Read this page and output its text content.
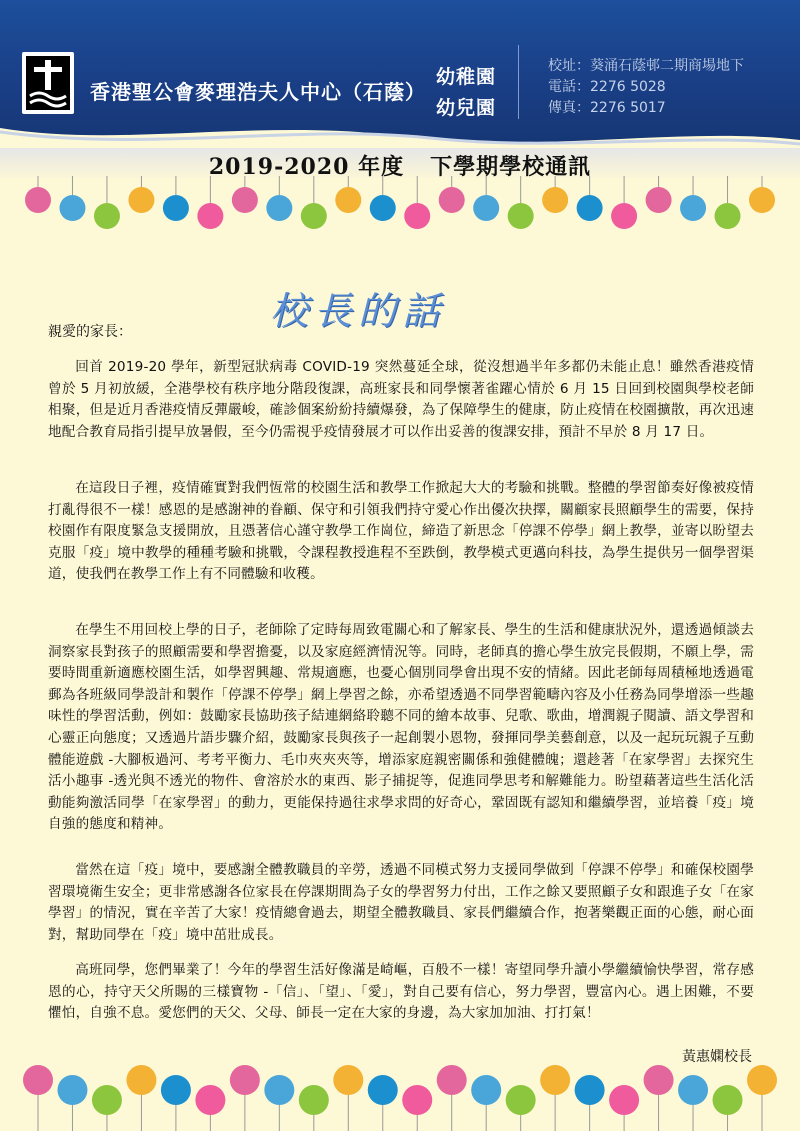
香港聖公會麥理浩夫人中心（石蔭）
幼稚園
幼兒園
校址：葵涌石蔭邨二期商場地下
電話：2276 5028
傳真：2276 5017
2019-2020 年度   下學期學校通訊
校長的話
親愛的家長：
回首 2019-20 學年，新型冠狀病毒 COVID-19 突然蔓延全球，從沒想過半年多都仍未能止息！雖然香港疫情曾於 5 月初放緩，全港學校有秩序地分階段復課，高班家長和同學懷著雀躍心情於 6 月 15 日回到校園與學校老師相聚，但是近月香港疫情反彈嚴峻，確診個案紛紛持續爆發，為了保障學生的健康，防止疫情在校園擴散，再次迅速地配合教育局指引提早放暑假，至今仍需視乎疫情發展才可以作出妥善的復課安排，預計不早於 8 月 17 日。
在這段日子裡，疫情確實對我們恆常的校園生活和教學工作掀起大大的考驗和挑戰。整體的學習節奏好像被疫情打亂得很不一樣！感恩的是感謝神的眷顧、保守和引領我們持守愛心作出優次抉擇，關顧家長照顧學生的需要，保持校園作有限度緊急支援開放，且憑著信心謹守教學工作崗位，締造了新思念「停課不停學」網上教學，並寄以盼望去克服「疫」境中教學的種種考驗和挑戰，令課程教授進程不至跌倒，教學模式更邁向科技，為學生提供另一個學習渠道，使我們在教學工作上有不同體驗和收穫。
在學生不用回校上學的日子，老師除了定時每周致電關心和了解家長、學生的生活和健康狀況外，還透過傾談去洞察家長對孩子的照顧需要和學習擔憂，以及家庭經濟情況等。同時，老師真的擔心學生放完長假期，不願上學，需要時間重新適應校園生活，如學習興趣、常規適應，也憂心個別同學會出現不安的情緒。因此老師每周積極地透過電郵為各班級同學設計和製作「停課不停學」網上學習之餘，亦希望透過不同學習範疇內容及小任務為同學增添一些趣味性的學習活動，例如：鼓勵家長協助孩子結連網絡聆聽不同的繪本故事、兒歌、歌曲，增潤親子閱讀、語文學習和心靈正向態度；又透過片語步驟介紹，鼓勵家長與孩子一起創製小恩物，發揮同學美藝創意，以及一起玩玩親子互動體能遊戲 -大腳板過河、考考平衡力、毛巾夾夾夾等，增添家庭親密關係和強健體魄；還趁著「在家學習」去探究生活小趣事 -透光與不透光的物件、會溶於水的東西、影子捕捉等，促進同學思考和解難能力。盼望藉著這些生活化活動能夠激活同學「在家學習」的動力，更能保持過往求學求問的好奇心，鞏固既有認知和繼續學習，並培養「疫」境自強的態度和精神。
當然在這「疫」境中，要感謝全體教職員的辛勞，透過不同模式努力支援同學做到「停課不停學」和確保校園學習環境衛生安全；更非常感謝各位家長在停課期間為子女的學習努力付出，工作之餘又要照顧子女和跟進子女「在家學習」的情況，實在辛苦了大家！疫情總會過去，期望全體教職員、家長們繼續合作，抱著樂觀正面的心態，耐心面對，幫助同學在「疫」境中茁壯成長。
高班同學，您們畢業了！今年的學習生活好像滿是崎嶇，百般不一樣！寄望同學升讀小學繼續愉快學習，常存感恩的心，持守天父所賜的三樣寶物 -「信」、「望」、「愛」，對自己要有信心，努力學習，豐富內心。遇上困難，不要懼怕，自強不息。愛您們的天父、父母、師長一定在大家的身邊，為大家加加油、打打氣！
黃惠嫻校長
